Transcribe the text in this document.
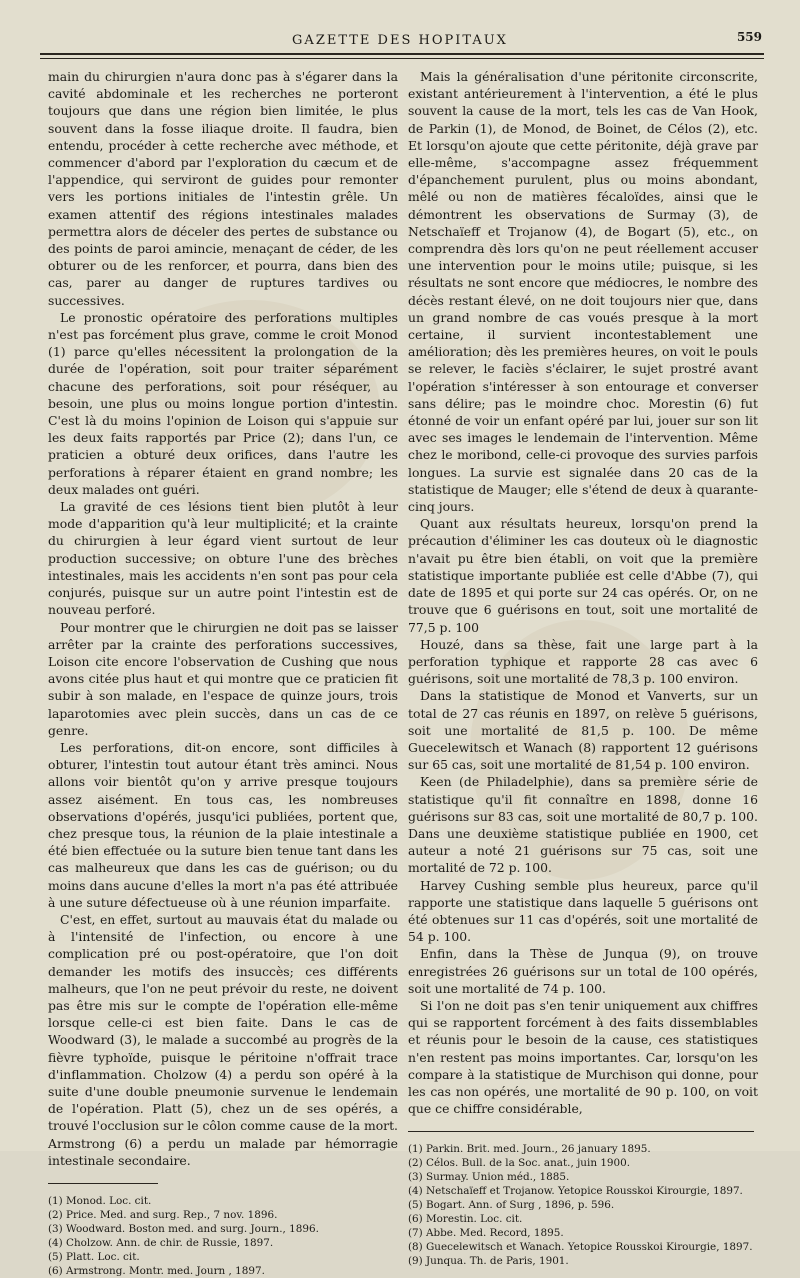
GAZETTE DES HOPITAUX	559

main du chirurgien n'aura donc pas à s'égarer dans la cavité abdominale et les recherches ne porteront toujours que dans une région bien limitée, le plus souvent dans la fosse iliaque droite. Il faudra, bien entendu, procéder à cette recherche avec méthode, et commencer d'abord par l'exploration du cæcum et de l'appendice, qui serviront de guides pour remonter vers les portions initiales de l'intestin grêle. Un examen attentif des régions intestinales malades permettra alors de déceler des pertes de substance ou des points de paroi amincie, menaçant de céder, de les obturer ou de les renforcer, et pourra, dans bien des cas, parer au danger de ruptures tardives ou successives.

Le pronostic opératoire des perforations multiples n'est pas forcément plus grave, comme le croit Monod (1) parce qu'elles nécessitent la prolongation de la durée de l'opération, soit pour traiter séparément chacune des perforations, soit pour réséquer, au besoin, une plus ou moins longue portion d'intestin. C'est là du moins l'opinion de Loison qui s'appuie sur les deux faits rapportés par Price (2); dans l'un, ce praticien a obturé deux orifices, dans l'autre les perforations à réparer étaient en grand nombre; les deux malades ont guéri.

La gravité de ces lésions tient bien plutôt à leur mode d'apparition qu'à leur multiplicité; et la crainte du chirurgien à leur égard vient surtout de leur production successive; on obture l'une des brèches intestinales, mais les accidents n'en sont pas pour cela conjurés, puisque sur un autre point l'intestin est de nouveau perforé.

Pour montrer que le chirurgien ne doit pas se laisser arrêter par la crainte des perforations successives, Loison cite encore l'observation de Cushing que nous avons citée plus haut et qui montre que ce praticien fit subir à son malade, en l'espace de quinze jours, trois laparotomies avec plein succès, dans un cas de ce genre.

Les perforations, dit-on encore, sont difficiles à obturer, l'intestin tout autour étant très aminci. Nous allons voir bientôt qu'on y arrive presque toujours assez aisément. En tous cas, les nombreuses observations d'opérés, jusqu'ici publiées, portent que, chez presque tous, la réunion de la plaie intestinale a été bien effectuée ou la suture bien tenue tant dans les cas malheureux que dans les cas de guérison; ou du moins dans aucune d'elles la mort n'a pas été attribuée à une suture défectueuse où à une réunion imparfaite.

C'est, en effet, surtout au mauvais état du malade ou à l'intensité de l'infection, ou encore à une complication pré ou post-opératoire, que l'on doit demander les motifs des insuccès; ces différents malheurs, que l'on ne peut prévoir du reste, ne doivent pas être mis sur le compte de l'opération elle-même lorsque celle-ci est bien faite. Dans le cas de Woodward (3), le malade a succombé au progrès de la fièvre typhoïde, puisque le péritoine n'offrait trace d'inflammation. Cholzow (4) a perdu son opéré à la suite d'une double pneumonie survenue le lendemain de l'opération. Platt (5), chez un de ses opérés, a trouvé l'occlusion sur le côlon comme cause de la mort. Armstrong (6) a perdu un malade par hémorragie intestinale secondaire.

(1) Monod. Loc. cit.
(2) Price. Med. and surg. Rep., 7 nov. 1896.
(3) Woodward. Boston med. and surg. Journ., 1896.
(4) Cholzow. Ann. de chir. de Russie, 1897.
(5) Platt. Loc. cit.
(6) Armstrong. Montr. med. Journ , 1897.

Mais la généralisation d'une péritonite circonscrite, existant antérieurement à l'intervention, a été le plus souvent la cause de la mort, tels les cas de Van Hook, de Parkin (1), de Monod, de Boinet, de Célos (2), etc. Et lorsqu'on ajoute que cette péritonite, déjà grave par elle-même, s'accompagne assez fréquemment d'épanchement purulent, plus ou moins abondant, mêlé ou non de matières fécaloïdes, ainsi que le démontrent les observations de Surmay (3), de Netschaïeff et Trojanow (4), de Bogart (5), etc., on comprendra dès lors qu'on ne peut réellement accuser une intervention pour le moins utile; puisque, si les résultats ne sont encore que médiocres, le nombre des décès restant élevé, on ne doit toujours nier que, dans un grand nombre de cas voués presque à la mort certaine, il survient incontestablement une amélioration; dès les premières heures, on voit le pouls se relever, le faciès s'éclairer, le sujet prostré avant l'opération s'intéresser à son entourage et converser sans délire; pas le moindre choc. Morestin (6) fut étonné de voir un enfant opéré par lui, jouer sur son lit avec ses images le lendemain de l'intervention. Même chez le moribond, celle-ci provoque des survies parfois longues. La survie est signalée dans 20 cas de la statistique de Mauger; elle s'étend de deux à quarante-cinq jours.

Quant aux résultats heureux, lorsqu'on prend la précaution d'éliminer les cas douteux où le diagnostic n'avait pu être bien établi, on voit que la première statistique importante publiée est celle d'Abbe (7), qui date de 1895 et qui porte sur 24 cas opérés. Or, on ne trouve que 6 guérisons en tout, soit une mortalité de 77,5 p. 100

Houzé, dans sa thèse, fait une large part à la perforation typhique et rapporte 28 cas avec 6 guérisons, soit une mortalité de 78,3 p. 100 environ.

Dans la statistique de Monod et Vanverts, sur un total de 27 cas réunis en 1897, on relève 5 guérisons, soit une mortalité de 81,5 p. 100. De même Guecelewitsch et Wanach (8) rapportent 12 guérisons sur 65 cas, soit une mortalité de 81,54 p. 100 environ.

Keen (de Philadelphie), dans sa première série de statistique qu'il fit connaître en 1898, donne 16 guérisons sur 83 cas, soit une mortalité de 80,7 p. 100. Dans une deuxième statistique publiée en 1900, cet auteur a noté 21 guérisons sur 75 cas, soit une mortalité de 72 p. 100.

Harvey Cushing semble plus heureux, parce qu'il rapporte une statistique dans laquelle 5 guérisons ont été obtenues sur 11 cas d'opérés, soit une mortalité de 54 p. 100.

Enfin, dans la Thèse de Junqua (9), on trouve enregistrées 26 guérisons sur un total de 100 opérés, soit une mortalité de 74 p. 100.

Si l'on ne doit pas s'en tenir uniquement aux chiffres qui se rapportent forcément à des faits dissemblables et réunis pour le besoin de la cause, ces statistiques n'en restent pas moins importantes. Car, lorsqu'on les compare à la statistique de Murchison qui donne, pour les cas non opérés, une mortalité de 90 p. 100, on voit que ce chiffre considérable,

(1) Parkin. Brit. med. Journ., 26 january 1895.
(2) Célos. Bull. de la Soc. anat., juin 1900.
(3) Surmay. Union méd., 1885.
(4) Netschaïeff et Trojanow. Yetopice Rousskoi Kirourgie, 1897.
(5) Bogart. Ann. of Surg , 1896, p. 596.
(6) Morestin. Loc. cit.
(7) Abbe. Med. Record, 1895.
(8) Guecelewitsch et Wanach. Yetopice Rousskoi Kirourgie, 1897.
(9) Junqua. Th. de Paris, 1901.
